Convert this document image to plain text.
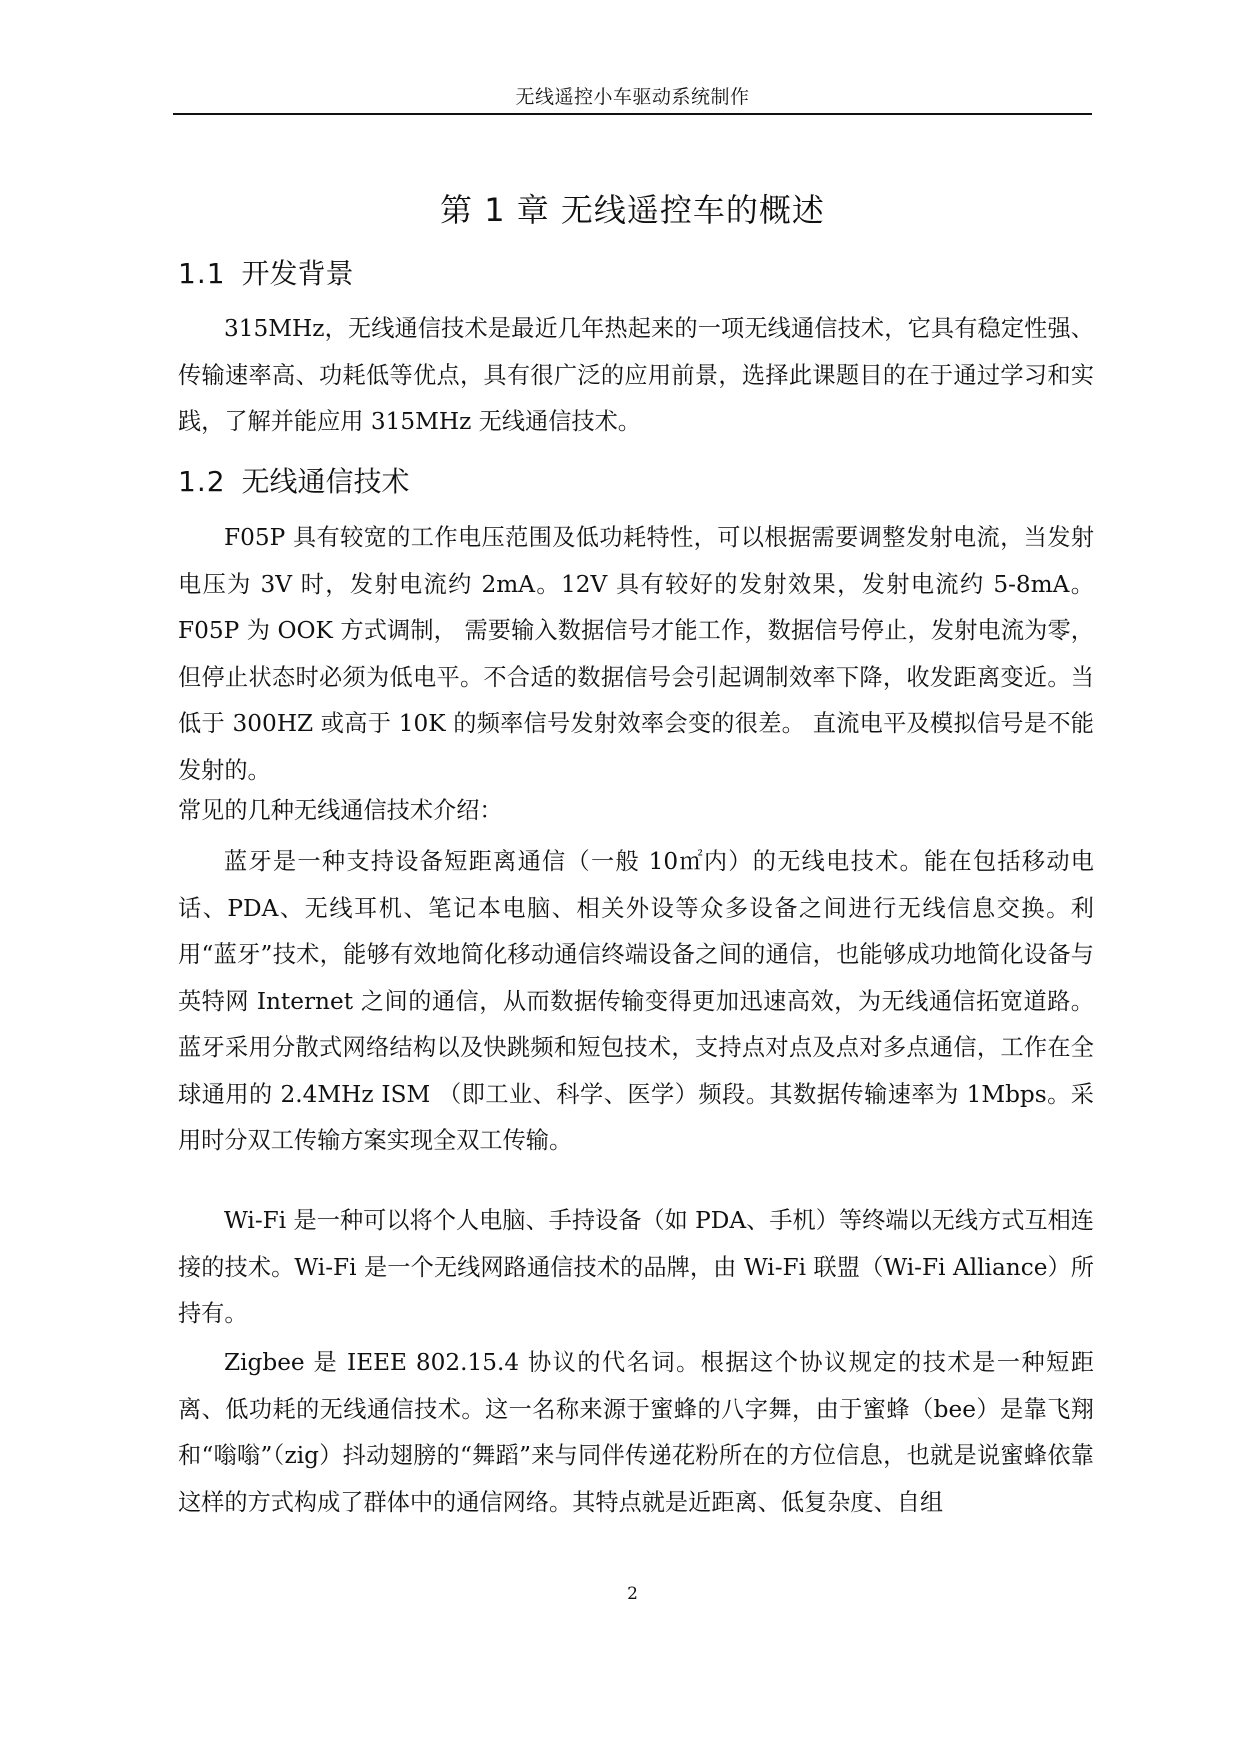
无线遥控小车驱动系统制作
第 1 章 无线遥控车的概述
1.1 开发背景

315MHz，无线通信技术是最近几年热起来的一项无线通信技术，它具有稳定性强、传输速率高、功耗低等优点，具有很广泛的应用前景，选择此课题目的在于通过学习和实践，了解并能应用 315MHz 无线通信技术。

1.2 无线通信技术

F05P 具有较宽的工作电压范围及低功耗特性，可以根据需要调整发射电流，当发射电压为 3V 时，发射电流约 2mA。12V 具有较好的发射效果，发射电流约 5-8mA。F05P 为 OOK 方式调制， 需要输入数据信号才能工作，数据信号停止，发射电流为零，但停止状态时必须为低电平。不合适的数据信号会引起调制效率下降，收发距离变近。当低于 300HZ 或高于 10K 的频率信号发射效率会变的很差。 直流电平及模拟信号是不能发射的。

常见的几种无线通信技术介绍：

蓝牙是一种支持设备短距离通信（一般 10㎡内）的无线电技术。能在包括移动电话、PDA、无线耳机、笔记本电脑、相关外设等众多设备之间进行无线信息交换。利用“蓝牙”技术，能够有效地简化移动通信终端设备之间的通信，也能够成功地简化设备与英特网 Internet 之间的通信，从而数据传输变得更加迅速高效，为无线通信拓宽道路。蓝牙采用分散式网络结构以及快跳频和短包技术，支持点对点及点对多点通信，工作在全球通用的 2.4MHz ISM （即工业、科学、医学）频段。其数据传输速率为 1Mbps。采用时分双工传输方案实现全双工传输。

Wi-Fi 是一种可以将个人电脑、手持设备（如 PDA、手机）等终端以无线方式互相连接的技术。Wi-Fi 是一个无线网路通信技术的品牌，由 Wi-Fi 联盟（Wi-Fi Alliance）所持有。

Zigbee 是 IEEE 802.15.4 协议的代名词。根据这个协议规定的技术是一种短距离、低功耗的无线通信技术。这一名称来源于蜜蜂的八字舞，由于蜜蜂（bee）是靠飞翔和“嗡嗡”（zig）抖动翅膀的“舞蹈”来与同伴传递花粉所在的方位信息，也就是说蜜蜂依靠这样的方式构成了群体中的通信网络。其特点就是近距离、低复杂度、自组

2
